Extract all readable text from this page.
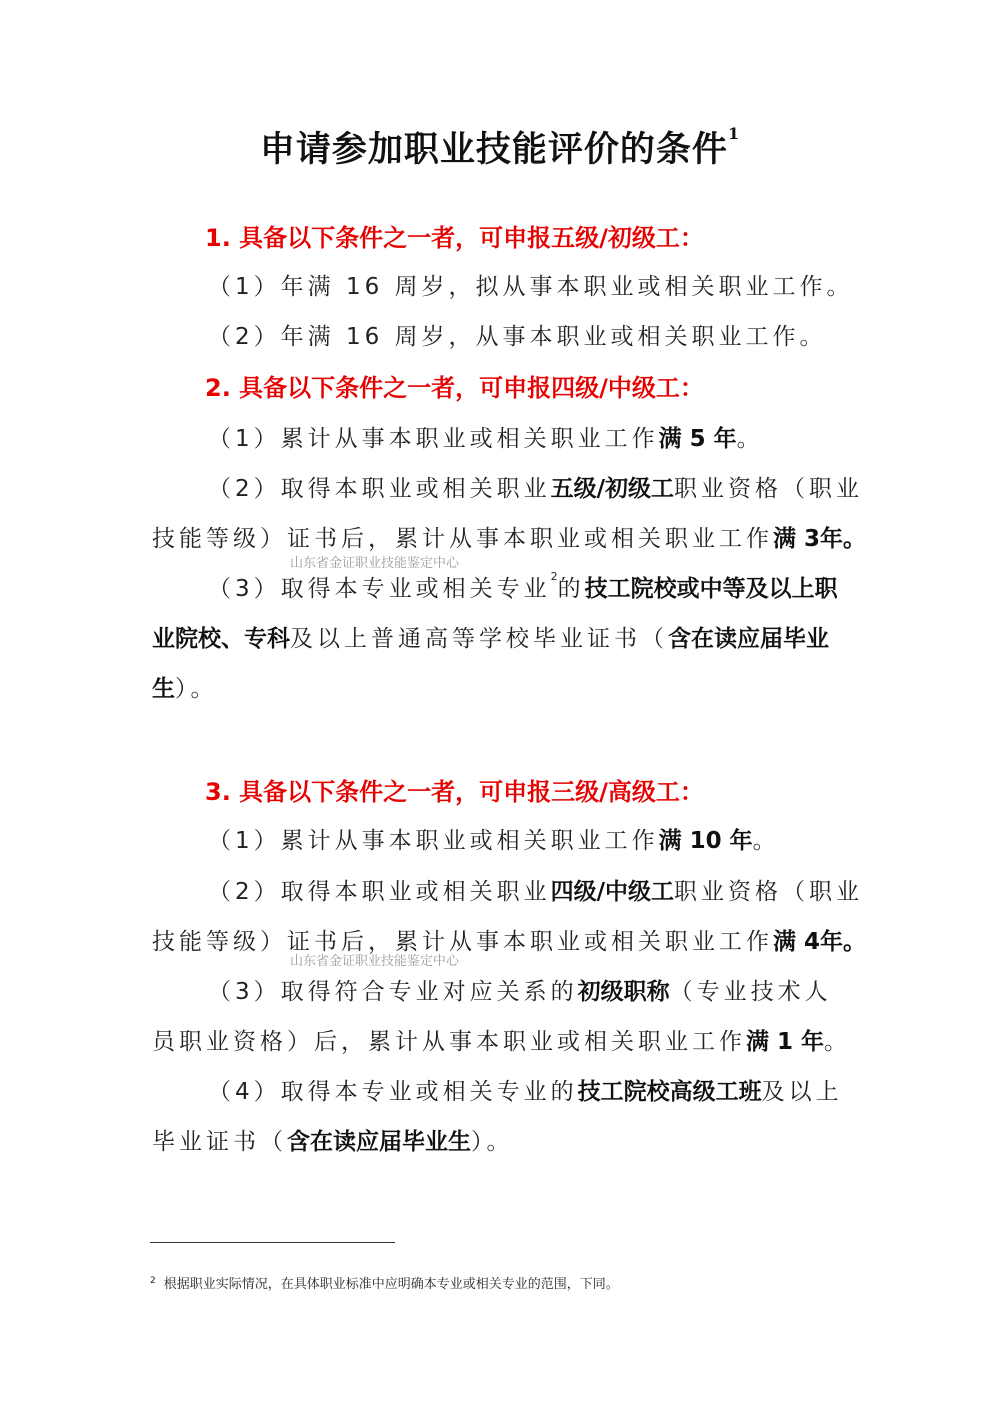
申请参加职业技能评价的条件$^1$
1. 具备以下条件之一者，可申报五级/初级工：
（1）年满 16 周岁，拟从事本职业或相关职业工作。
（2）年满 16 周岁，从事本职业或相关职业工作。
2. 具备以下条件之一者，可申报四级/中级工：
（1）累计从事本职业或相关职业工作满 5 年。
（2）取得本职业或相关职业五级/初级工职业资格（职业
技能等级）证书后，累计从事本职业或相关职业工作满 3年。
山东省金证职业技能鉴定中心
（3）取得本专业或相关专业$^2$的技工院校或中等及以上职
业院校、专科及以上普通高等学校毕业证书（含在读应届毕业
生）。
3. 具备以下条件之一者，可申报三级/高级工：
（1）累计从事本职业或相关职业工作满 10 年。
（2）取得本职业或相关职业四级/中级工职业资格（职业
技能等级）证书后，累计从事本职业或相关职业工作满 4年。
山东省金证职业技能鉴定中心
（3）取得符合专业对应关系的初级职称（专业技术人
员职业资格）后，累计从事本职业或相关职业工作满 1 年。
（4）取得本专业或相关专业的技工院校高级工班及以上
毕业证书（含在读应届毕业生）。
$^2$ 根据职业实际情况，在具体职业标准中应明确本专业或相关专业的范围，下同。
